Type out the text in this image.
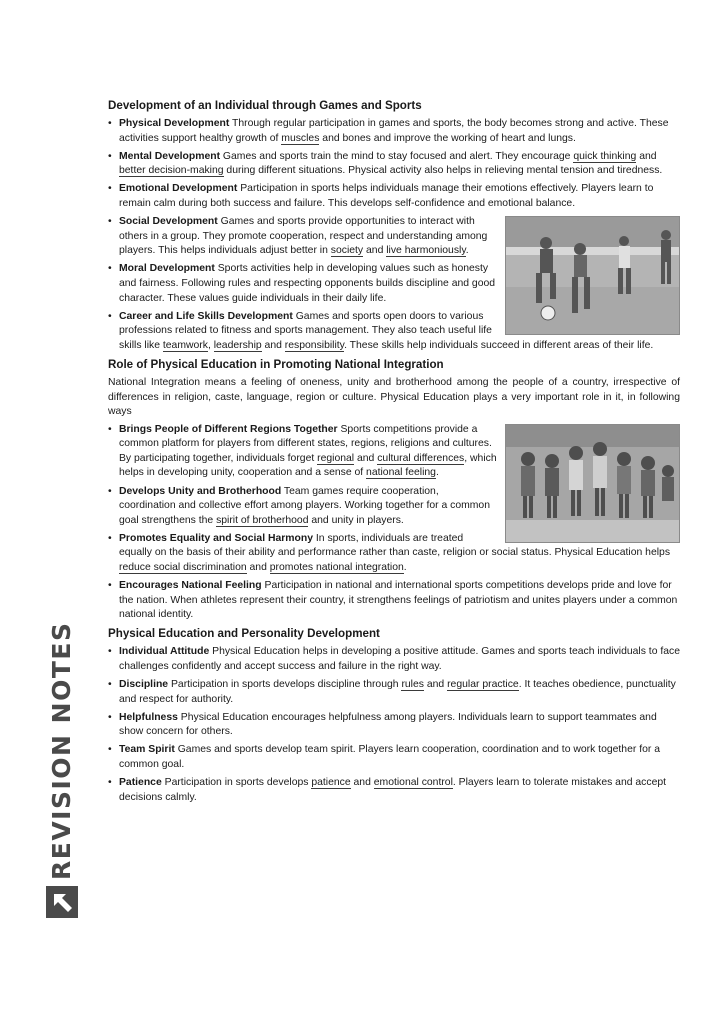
Development of an Individual through Games and Sports
• Physical Development Through regular participation in games and sports, the body becomes strong and active. These activities support healthy growth of muscles and bones and improve the working of heart and lungs.
• Mental Development Games and sports train the mind to stay focused and alert. They encourage quick thinking and better decision-making during different situations. Physical activity also helps in relieving mental tension and tiredness.
• Emotional Development Participation in sports helps individuals manage their emotions effectively. Players learn to remain calm during both success and failure. This develops self-confidence and emotional balance.
• Social Development Games and sports provide opportunities to interact with others in a group. They promote cooperation, respect and understanding among players. This helps individuals adjust better in society and live harmoniously.
• Moral Development Sports activities help in developing values such as honesty and fairness. Following rules and respecting opponents builds discipline and good character. These values guide individuals in their daily life.
• Career and Life Skills Development Games and sports open doors to various professions related to fitness and sports management. They also teach useful life skills like teamwork, leadership and responsibility. These skills help individuals succeed in different areas of their life.
Role of Physical Education in Promoting National Integration

National Integration means a feeling of oneness, unity and brotherhood among the people of a country, irrespective of differences in religion, caste, language, region or culture. Physical Education plays a very important role in it, in following ways

• Brings People of Different Regions Together Sports competitions provide a common platform for players from different states, regions, religions and cultures. By participating together, individuals forget regional and cultural differences, which helps in developing unity, cooperation and a sense of national feeling.
• Develops Unity and Brotherhood Team games require cooperation, coordination and collective effort among players. Working together for a common goal strengthens the spirit of brotherhood and unity in players.
• Promotes Equality and Social Harmony In sports, individuals are treated equally on the basis of their ability and performance rather than caste, religion or social status. Physical Education helps reduce social discrimination and promotes national integration.
• Encourages National Feeling Participation in national and international sports competitions develops pride and love for the nation. When athletes represent their country, it strengthens feelings of patriotism and unites players under a common national identity.
Physical Education and Personality Development
• Individual Attitude Physical Education helps in developing a positive attitude. Games and sports teach individuals to face challenges confidently and accept success and failure in the right way.
• Discipline Participation in sports develops discipline through rules and regular practice. It teaches obedience, punctuality and respect for authority.
• Helpfulness Physical Education encourages helpfulness among players. Individuals learn to support teammates and show concern for others.
• Team Spirit Games and sports develop team spirit. Players learn cooperation, coordination and to work together for a common goal.
• Patience Participation in sports develops patience and emotional control. Players learn to tolerate mistakes and accept decisions calmly.
REVISION NOTES
